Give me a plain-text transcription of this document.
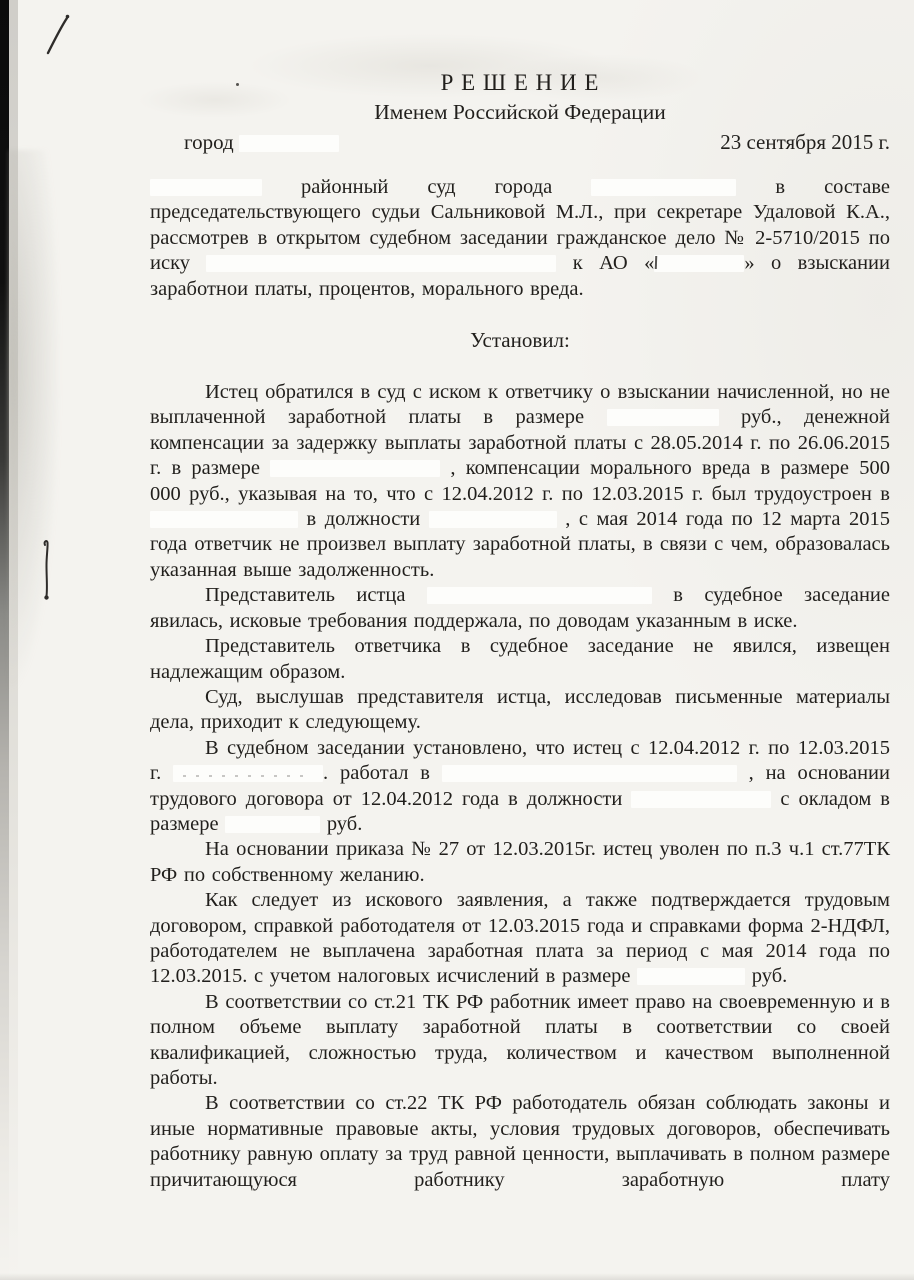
Р Е Ш Е Н И Е
Именем Российской Федерации
город	23 сентября 2015 г.

районный суд города	в составе председательствующего судьи Сальниковой М.Л., при секретаре Удаловой К.А., рассмотрев в открытом судебном заседании гражданское дело № 2-5710/2015 по иску	к АО «	» о взыскании заработнои платы, процентов, морального вреда.

Установил:

Истец обратился в суд с иском к ответчику о взыскании начисленной, но не выплаченной заработной платы в размере	руб., денежной компенсации за задержку выплаты заработной платы с 28.05.2014 г. по 26.06.2015 г. в размере	, компенсации морального вреда в размере 500 000 руб., указывая на то, что с 12.04.2012 г. по 12.03.2015 г. был трудоустроен в  в должности	, с мая 2014 года по 12 марта 2015 года ответчик не произвел выплату заработной платы, в связи с чем, образовалась указанная выше задолженность.

Представитель истца	в судебное заседание явилась, исковые требования поддержала, по доводам указанным в иске.

Представитель ответчика в судебное заседание не явился, извещен надлежащим образом.

Суд, выслушав представителя истца, исследовав письменные материалы дела, приходит к следующему.

В судебном заседании установлено, что истец с 12.04.2012 г. по 12.03.2015 г.	. работал в	, на основании трудового договора от 12.04.2012 года в должности	с окладом в размере	руб.

На основании приказа № 27 от 12.03.2015г. истец уволен по п.3 ч.1 ст.77ТК РФ по собственному желанию.

Как следует из искового заявления, а также подтверждается трудовым договором, справкой работодателя от 12.03.2015 года и справками форма 2-НДФЛ, работодателем не выплачена заработная плата за период с мая 2014 года по 12.03.2015. с учетом налоговых исчислений в размере	руб.

В соответствии со ст.21 ТК РФ работник имеет право на своевременную и в полном объеме выплату заработной платы в соответствии со своей квалификацией, сложностью труда, количеством и качеством выполненной работы.

В соответствии со ст.22 ТК РФ работодатель обязан соблюдать законы и иные нормативные правовые акты, условия трудовых договоров, обеспечивать работнику равную оплату за труд равной ценности, выплачивать в полном размере причитающуюся работнику заработную плату
